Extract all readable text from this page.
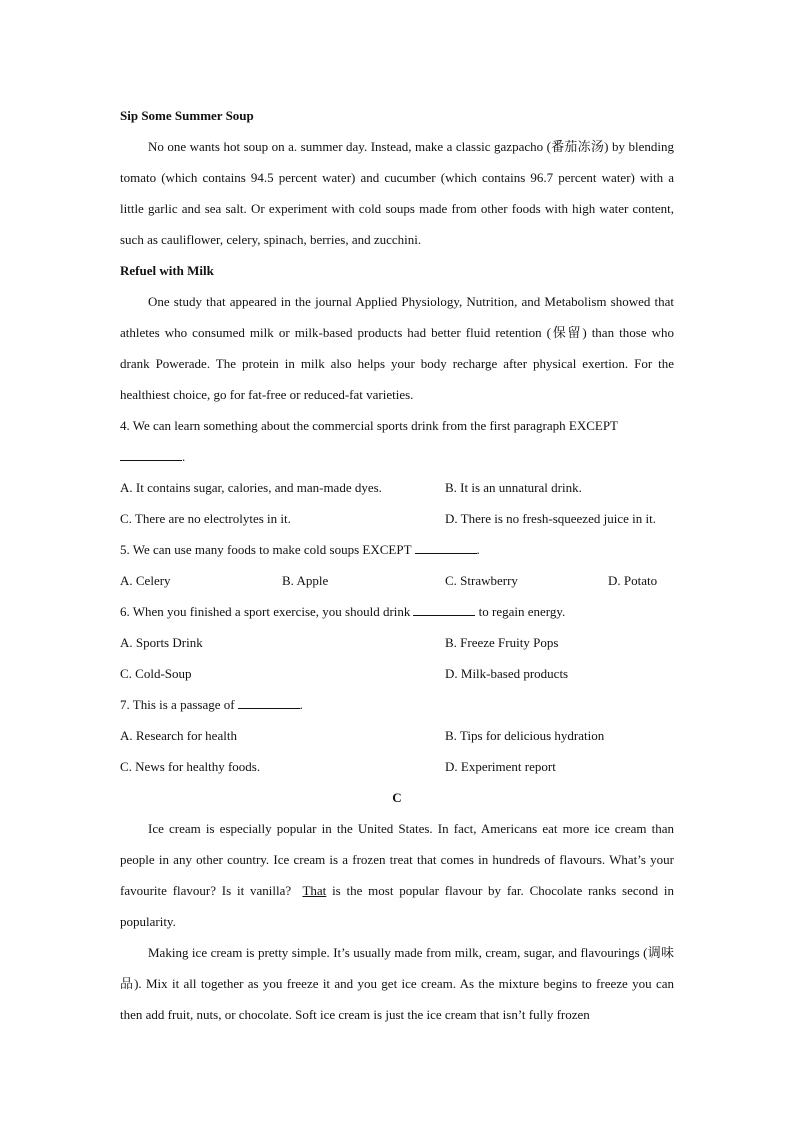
Sip Some Summer Soup
No one wants hot soup on a. summer day. Instead, make a classic gazpacho (番茄冻汤) by blending tomato (which contains 94.5 percent water) and cucumber (which contains 96.7 percent water) with a little garlic and sea salt. Or experiment with cold soups made from other foods with high water content, such as cauliflower, celery, spinach, berries, and zucchini.
Refuel with Milk
One study that appeared in the journal Applied Physiology, Nutrition, and Metabolism showed that athletes who consumed milk or milk-based products had better fluid retention (保留) than those who drank Powerade. The protein in milk also helps your body recharge after physical exertion. For the healthiest choice, go for fat-free or reduced-fat varieties.
4. We can learn something about the commercial sports drink from the first paragraph EXCEPT
.
A. It contains sugar, calories, and man-made dyes.	B. It is an unnatural drink.
C. There are no electrolytes in it.	D. There is no fresh-squeezed juice in it.
5. We can use many foods to make cold soups EXCEPT	.
A. Celery	B. Apple	C. Strawberry	D. Potato
6. When you finished a sport exercise, you should drink	to regain energy.
A. Sports Drink	B. Freeze Fruity Pops
C. Cold-Soup	D. Milk-based products
7. This is a passage of	.
A. Research for health	B. Tips for delicious hydration
C. News for healthy foods.	D. Experiment report
C
Ice cream is especially popular in the United States. In fact, Americans eat more ice cream than people in any other country. Ice cream is a frozen treat that comes in hundreds of flavours. What’s your favourite flavour? Is it vanilla? That is the most popular flavour by far. Chocolate ranks second in popularity.
Making ice cream is pretty simple. It’s usually made from milk, cream, sugar, and flavourings (调味品). Mix it all together as you freeze it and you get ice cream. As the mixture begins to freeze you can then add fruit, nuts, or chocolate. Soft ice cream is just the ice cream that isn’t fully frozen
